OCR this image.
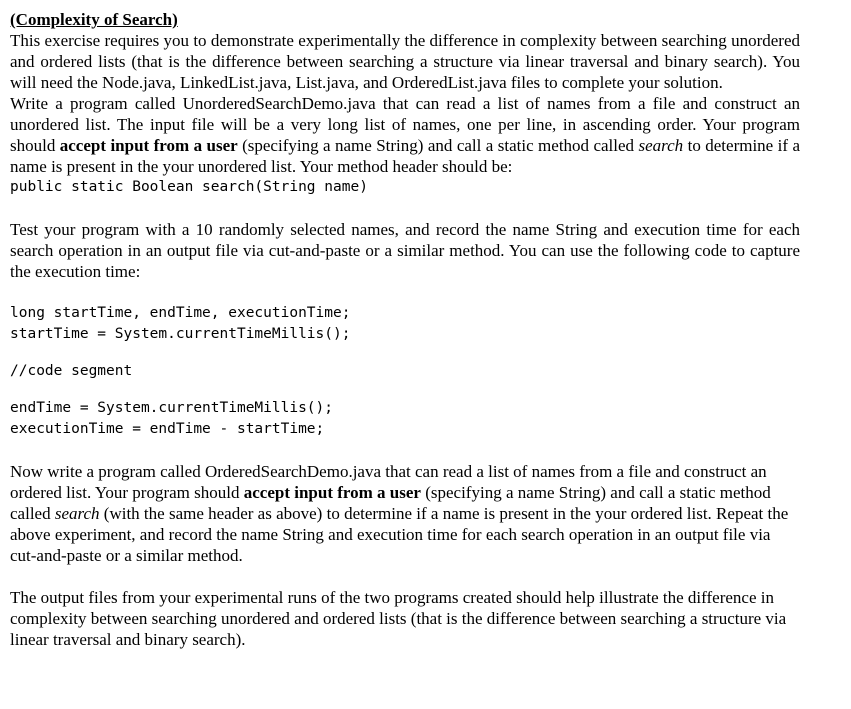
(Complexity of Search)

This exercise requires you to demonstrate experimentally the difference in complexity between searching unordered and ordered lists (that is the difference between searching a structure via linear traversal and binary search). You will need the Node.java, LinkedList.java, List.java, and OrderedList.java files to complete your solution.

Write a program called UnorderedSearchDemo.java that can read a list of names from a file and construct an unordered list. The input file will be a very long list of names, one per line, in ascending order. Your program should accept input from a user (specifying a name String) and call a static method called search to determine if a name is present in the your unordered list. Your method header should be:

public static Boolean search(String name)

Test your program with a 10 randomly selected names, and record the name String and execution time for each search operation in an output file via cut-and-paste or a similar method. You can use the following code to capture the execution time:

long startTime, endTime, executionTime;
startTime = System.currentTimeMillis();
//code segment
endTime = System.currentTimeMillis();
executionTime = endTime - startTime;

Now write a program called OrderedSearchDemo.java that can read a list of names from a file and construct an ordered list. Your program should accept input from a user (specifying a name String) and call a static method called search (with the same header as above) to determine if a name is present in the your ordered list. Repeat the above experiment, and record the name String and execution time for each search operation in an output file via cut-and-paste or a similar method.

The output files from your experimental runs of the two programs created should help illustrate the difference in complexity between searching unordered and ordered lists (that is the difference between searching a structure via linear traversal and binary search).
